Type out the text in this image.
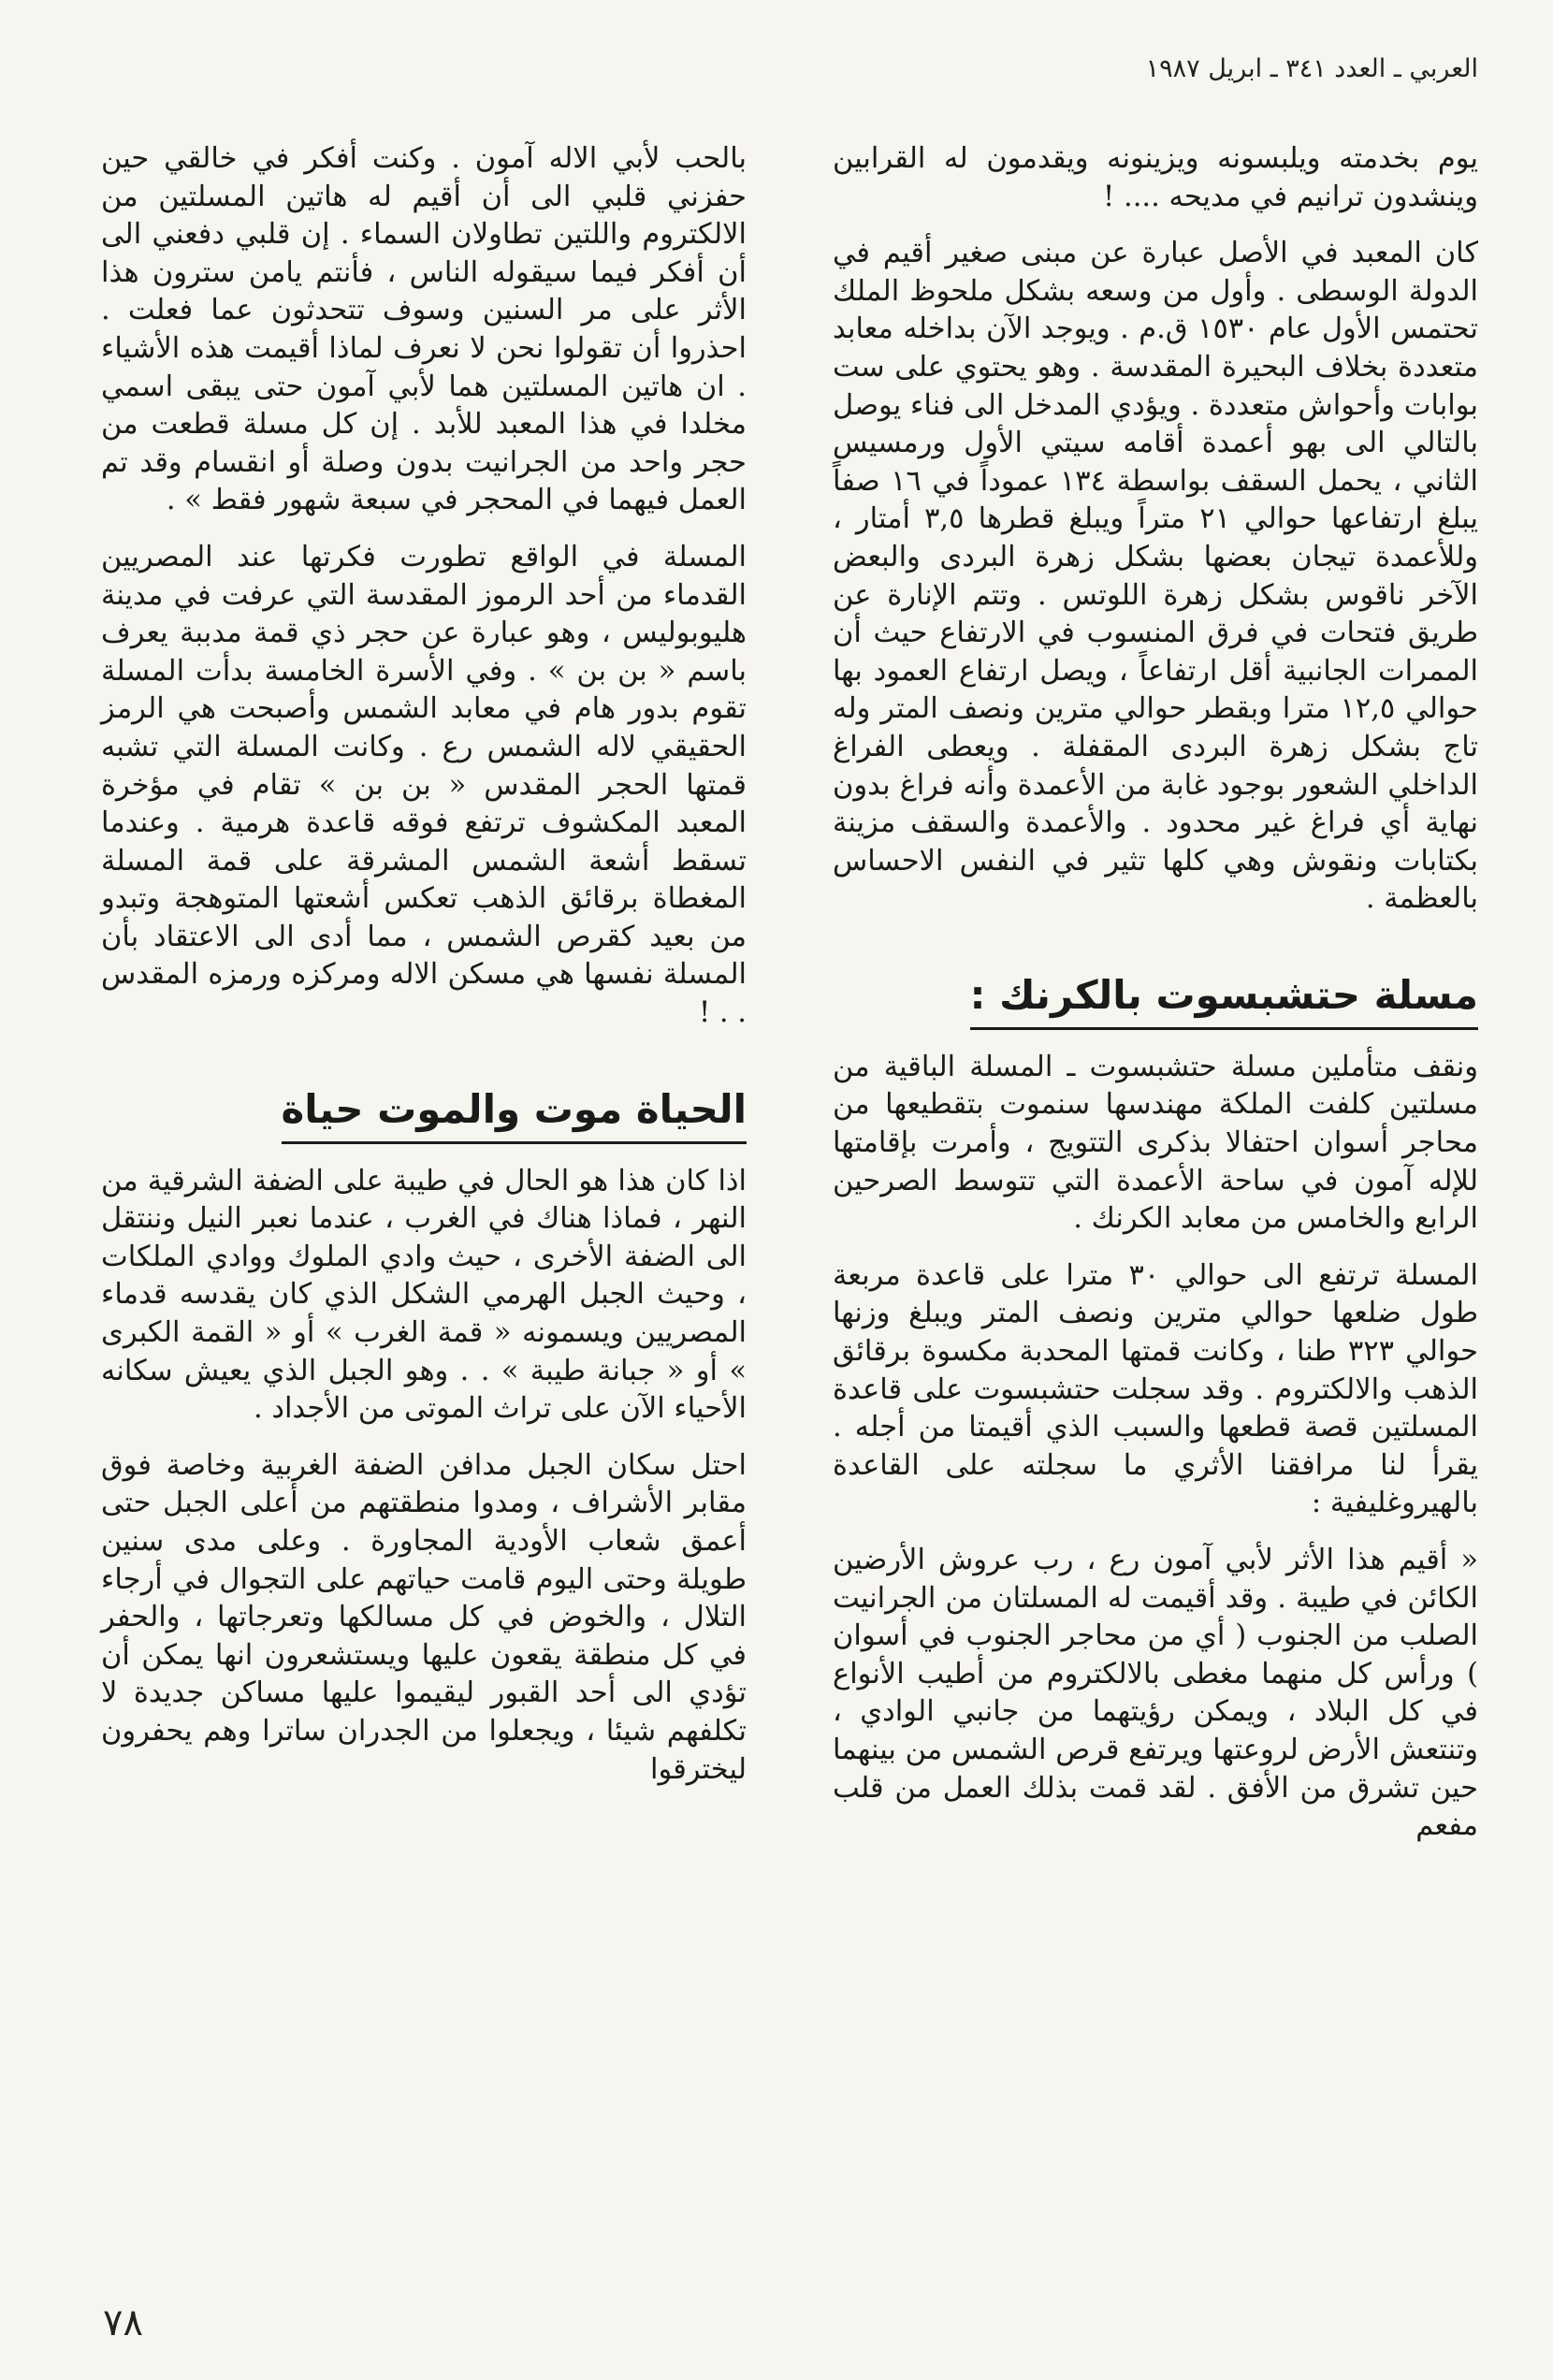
العربي ـ العدد ٣٤١ ـ ابريل ١٩٨٧

يوم بخدمته ويلبسونه ويزينونه ويقدمون له القرابين وينشدون ترانيم في مديحه .... !

كان المعبد في الأصل عبارة عن مبنى صغير أقيم في الدولة الوسطى . وأول من وسعه بشكل ملحوظ الملك تحتمس الأول عام ١٥٣٠ ق.م . ويوجد الآن بداخله معابد متعددة بخلاف البحيرة المقدسة . وهو يحتوي على ست بوابات وأحواش متعددة . ويؤدي المدخل الى فناء يوصل بالتالي الى بهو أعمدة أقامه سيتي الأول ورمسيس الثاني ، يحمل السقف بواسطة ١٣٤ عموداً في ١٦ صفاً يبلغ ارتفاعها حوالي ٢١ متراً ويبلغ قطرها ٣,٥ أمتار ، وللأعمدة تيجان بعضها بشكل زهرة البردى والبعض الآخر ناقوس بشكل زهرة اللوتس . وتتم الإنارة عن طريق فتحات في فرق المنسوب في الارتفاع حيث أن الممرات الجانبية أقل ارتفاعاً ، ويصل ارتفاع العمود بها حوالي ١٢,٥ مترا وبقطر حوالي مترين ونصف المتر وله تاج بشكل زهرة البردى المقفلة . ويعطى الفراغ الداخلي الشعور بوجود غابة من الأعمدة وأنه فراغ بدون نهاية أي فراغ غير محدود . والأعمدة والسقف مزينة بكتابات ونقوش وهي كلها تثير في النفس الاحساس بالعظمة .

مسلة حتشبسوت بالكرنك :

ونقف متأملين مسلة حتشبسوت ـ المسلة الباقية من مسلتين كلفت الملكة مهندسها سنموت بتقطيعها من محاجر أسوان احتفالا بذكرى التتويج ، وأمرت بإقامتها للإله آمون في ساحة الأعمدة التي تتوسط الصرحين الرابع والخامس من معابد الكرنك .

المسلة ترتفع الى حوالي ٣٠ مترا على قاعدة مربعة طول ضلعها حوالي مترين ونصف المتر ويبلغ وزنها حوالي ٣٢٣ طنا ، وكانت قمتها المحدبة مكسوة برقائق الذهب والالكتروم . وقد سجلت حتشبسوت على قاعدة المسلتين قصة قطعها والسبب الذي أقيمتا من أجله . يقرأ لنا مرافقنا الأثري ما سجلته على القاعدة بالهيروغليفية :

« أقيم هذا الأثر لأبي آمون رع ، رب عروش الأرضين الكائن في طيبة . وقد أقيمت له المسلتان من الجرانيت الصلب من الجنوب ( أي من محاجر الجنوب في أسوان ) ورأس كل منهما مغطى بالالكتروم من أطيب الأنواع في كل البلاد ، ويمكن رؤيتهما من جانبي الوادي ، وتنتعش الأرض لروعتها ويرتفع قرص الشمس من بينهما حين تشرق من الأفق . لقد قمت بذلك العمل من قلب مفعم

بالحب لأبي الاله آمون . وكنت أفكر في خالقي حين حفزني قلبي الى أن أقيم له هاتين المسلتين من الالكتروم واللتين تطاولان السماء . إن قلبي دفعني الى أن أفكر فيما سيقوله الناس ، فأنتم يامن سترون هذا الأثر على مر السنين وسوف تتحدثون عما فعلت . احذروا أن تقولوا نحن لا نعرف لماذا أقيمت هذه الأشياء . ان هاتين المسلتين هما لأبي آمون حتى يبقى اسمي مخلدا في هذا المعبد للأبد . إن كل مسلة قطعت من حجر واحد من الجرانيت بدون وصلة أو انقسام وقد تم العمل فيهما في المحجر في سبعة شهور فقط » .

المسلة في الواقع تطورت فكرتها عند المصريين القدماء من أحد الرموز المقدسة التي عرفت في مدينة هليوبوليس ، وهو عبارة عن حجر ذي قمة مدببة يعرف باسم « بن بن » . وفي الأسرة الخامسة بدأت المسلة تقوم بدور هام في معابد الشمس وأصبحت هي الرمز الحقيقي لاله الشمس رع . وكانت المسلة التي تشبه قمتها الحجر المقدس « بن بن » تقام في مؤخرة المعبد المكشوف ترتفع فوقه قاعدة هرمية . وعندما تسقط أشعة الشمس المشرقة على قمة المسلة المغطاة برقائق الذهب تعكس أشعتها المتوهجة وتبدو من بعيد كقرص الشمس ، مما أدى الى الاعتقاد بأن المسلة نفسها هي مسكن الاله ومركزه ورمزه المقدس . . !

الحياة موت والموت حياة

اذا كان هذا هو الحال في طيبة على الضفة الشرقية من النهر ، فماذا هناك في الغرب ، عندما نعبر النيل وننتقل الى الضفة الأخرى ، حيث وادي الملوك ووادي الملكات ، وحيث الجبل الهرمي الشكل الذي كان يقدسه قدماء المصريين ويسمونه « قمة الغرب » أو « القمة الكبرى » أو « جبانة طيبة » . . وهو الجبل الذي يعيش سكانه الأحياء الآن على تراث الموتى من الأجداد .

احتل سكان الجبل مدافن الضفة الغربية وخاصة فوق مقابر الأشراف ، ومدوا منطقتهم من أعلى الجبل حتى أعمق شعاب الأودية المجاورة . وعلى مدى سنين طويلة وحتى اليوم قامت حياتهم على التجوال في أرجاء التلال ، والخوض في كل مسالكها وتعرجاتها ، والحفر في كل منطقة يقعون عليها ويستشعرون انها يمكن أن تؤدي الى أحد القبور ليقيموا عليها مساكن جديدة لا تكلفهم شيئا ، ويجعلوا من الجدران ساترا وهم يحفرون ليخترقوا

٧٨
